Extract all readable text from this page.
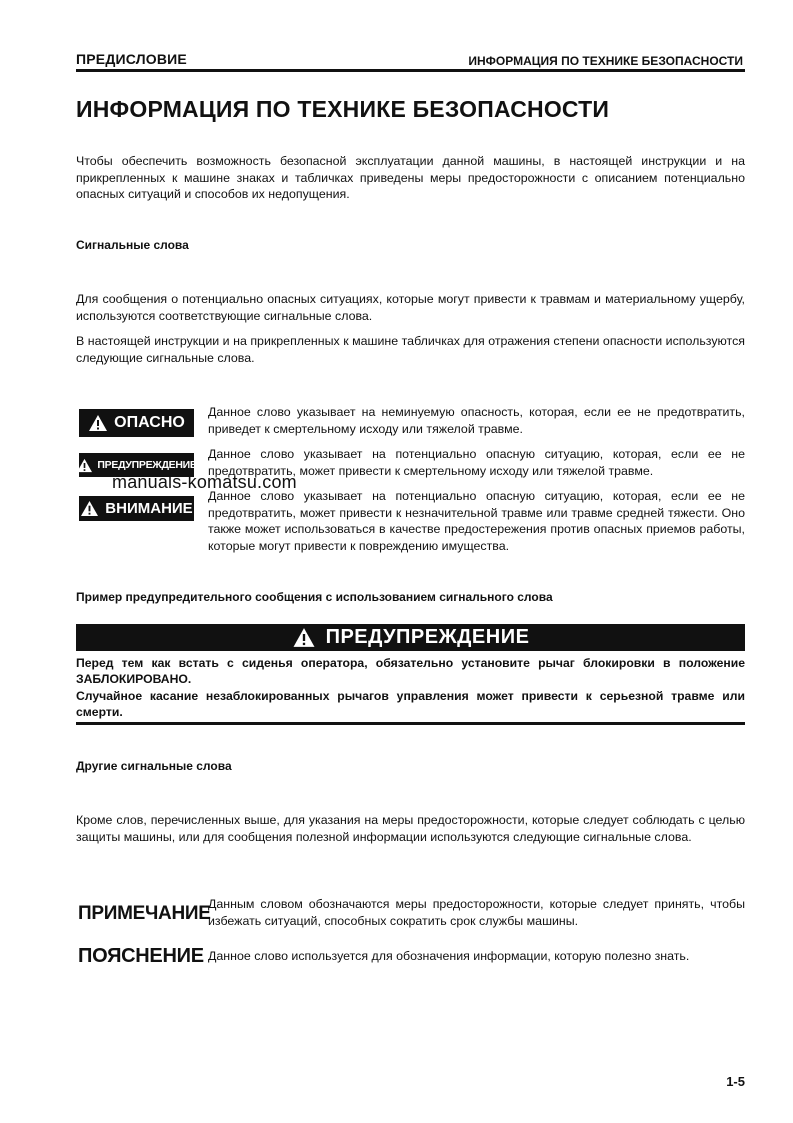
ПРЕДИСЛОВИЕ	ИНФОРМАЦИЯ ПО ТЕХНИКЕ БЕЗОПАСНОСТИ
ИНФОРМАЦИЯ ПО ТЕХНИКЕ БЕЗОПАСНОСТИ
Чтобы обеспечить возможность безопасной эксплуатации данной машины, в настоящей инструкции и на прикрепленных к машине знаках и табличках приведены меры предосторожности с описанием потенциально опасных ситуаций и способов их недопущения.
Сигнальные слова
Для сообщения о потенциально опасных ситуациях, которые могут привести к травмам и материальному ущербу, используются соответствующие сигнальные слова.
В настоящей инструкции и на прикрепленных к машине табличках для отражения степени опасности используются следующие сигнальные слова.
ОПАСНО
Данное слово указывает на неминуемую опасность, которая, если ее не предотвратить, приведет к смертельному исходу или тяжелой травме.
ПРЕДУПРЕЖДЕНИЕ
Данное слово указывает на потенциально опасную ситуацию, которая, если ее не предотвратить, может привести к смертельному исходу или тяжелой травме.
ВНИМАНИЕ
Данное слово указывает на потенциально опасную ситуацию, которая, если ее не предотвратить, может привести к незначительной травме или травме средней тяжести. Оно также может использоваться в качестве предостережения против опасных приемов работы, которые могут привести к повреждению имущества.
manuals-komatsu.com
Пример предупредительного сообщения с использованием сигнального слова
ПРЕДУПРЕЖДЕНИЕ
Перед тем как встать с сиденья оператора, обязательно установите рычаг блокировки в положение ЗАБЛОКИРОВАНО.
Случайное касание незаблокированных рычагов управления может привести к серьезной травме или смерти.
Другие сигнальные слова
Кроме слов, перечисленных выше, для указания на меры предосторожности, которые следует соблюдать с целью защиты машины, или для сообщения полезной информации используются следующие сигнальные слова.
ПРИМЕЧАНИЕ
Данным словом обозначаются меры предосторожности, которые следует принять, чтобы избежать ситуаций, способных сократить срок службы машины.
ПОЯСНЕНИЕ Данное слово используется для обозначения информации, которую полезно знать.
1-5
